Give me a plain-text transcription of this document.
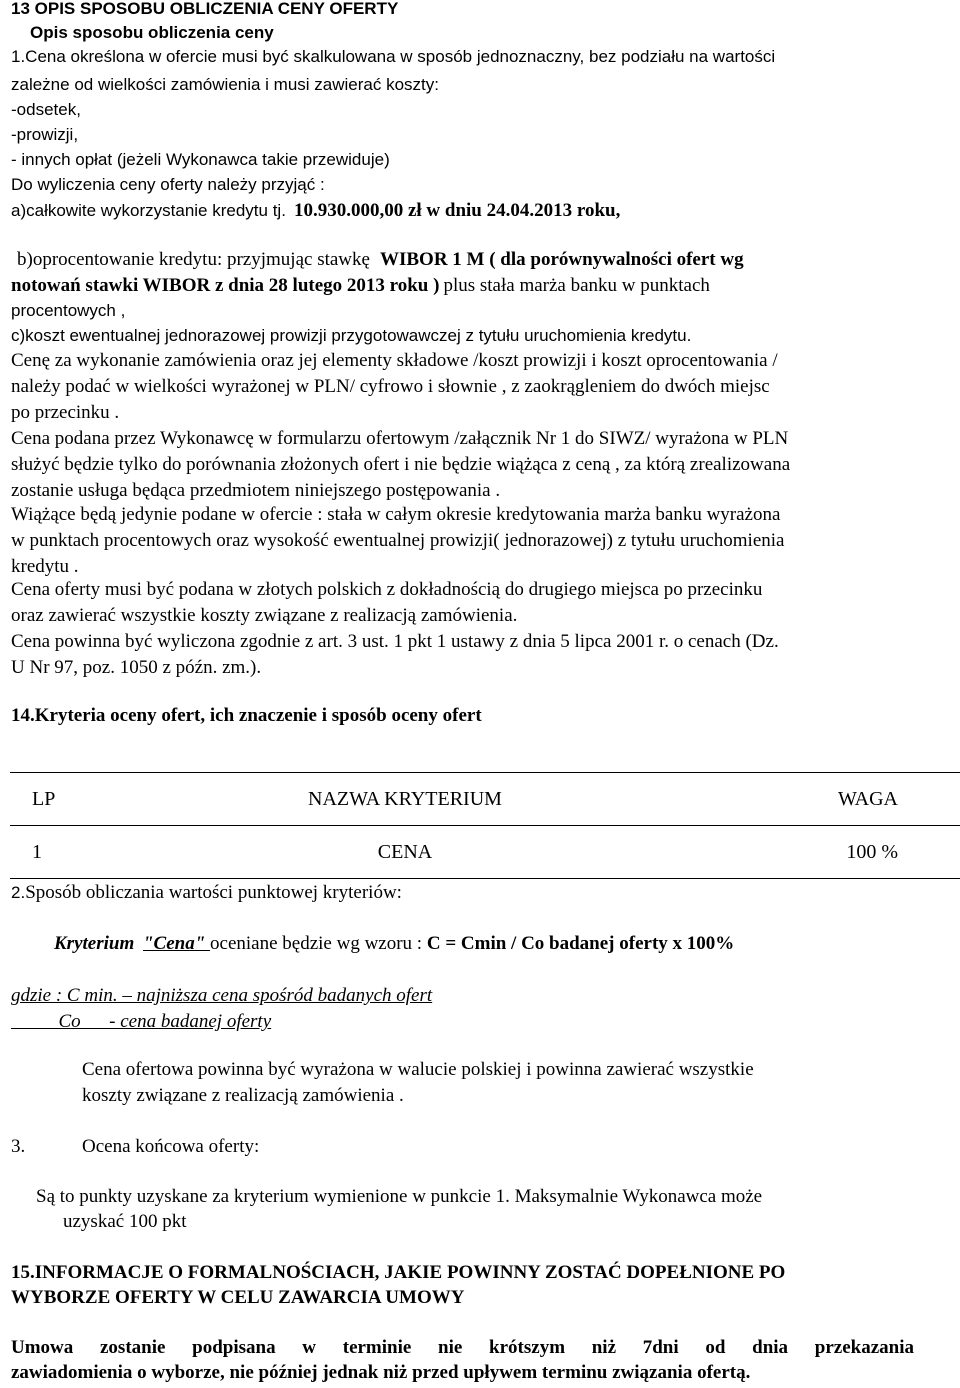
13 OPIS SPOSOBU OBLICZENIA CENY OFERTY
Opis sposobu obliczenia ceny
1.Cena określona w ofercie musi być skalkulowana w sposób jednoznaczny, bez podziału na wartości
zależne od wielkości zamówienia i musi zawierać koszty:
-odsetek,
-prowizji,
- innych opłat (jeżeli Wykonawca takie przewiduje)
Do wyliczenia ceny oferty należy przyjąć :
a)całkowite wykorzystanie kredytu tj. 10.930.000,00 zł w dniu 24.04.2013 roku,
b)oprocentowanie kredytu: przyjmując stawkę WIBOR 1 M ( dla porównywalności ofert wg
notowań stawki WIBOR z dnia 28 lutego 2013 roku ) plus stała marża banku w punktach
procentowych ,
c)koszt ewentualnej jednorazowej prowizji przygotowawczej z tytułu uruchomienia kredytu.
Cenę za wykonanie zamówienia oraz jej elementy składowe /koszt prowizji i koszt oprocentowania /
należy podać w wielkości wyrażonej w PLN/ cyfrowo i słownie , z zaokrągleniem do dwóch miejsc
po przecinku .
Cena podana przez Wykonawcę w formularzu ofertowym /załącznik Nr 1 do SIWZ/ wyrażona w PLN
służyć będzie tylko do porównania złożonych ofert i nie będzie wiążąca z ceną , za którą zrealizowana
zostanie usługa będąca przedmiotem niniejszego postępowania .
Wiążące będą jedynie podane w ofercie : stała w całym okresie kredytowania marża banku wyrażona
w punktach procentowych oraz wysokość ewentualnej prowizji( jednorazowej) z tytułu uruchomienia
kredytu .
Cena oferty musi być podana w złotych polskich z dokładnością do drugiego miejsca po przecinku
oraz zawierać wszystkie koszty związane z realizacją zamówienia.
Cena powinna być wyliczona zgodnie z art. 3 ust. 1 pkt 1 ustawy z dnia 5 lipca 2001 r. o cenach (Dz.
U Nr 97, poz. 1050 z późn. zm.).
14.Kryteria oceny ofert, ich znaczenie i sposób oceny ofert
LP	NAZWA KRYTERIUM	WAGA
1	CENA	100 %
2.Sposób obliczania wartości punktowej kryteriów:
Kryterium "Cena" oceniane będzie wg wzoru : C = Cmin / Co badanej oferty x 100%
gdzie : C min. – najniższa cena spośród badanych ofert
Co      - cena badanej oferty
Cena ofertowa powinna być wyrażona w walucie polskiej i powinna zawierać wszystkie
koszty związane z realizacją zamówienia .
3.	Ocena końcowa oferty:
Są to punkty uzyskane za kryterium wymienione w punkcie 1. Maksymalnie Wykonawca może
uzyskać 100 pkt
15.INFORMACJE O FORMALNOŚCIACH, JAKIE POWINNY ZOSTAĆ DOPEŁNIONE PO
WYBORZE OFERTY W CELU ZAWARCIA UMOWY
Umowa zostanie podpisana w terminie nie krótszym niż 7dni od dnia przekazania
zawiadomienia o wyborze, nie później jednak niż przed upływem terminu związania ofertą.
